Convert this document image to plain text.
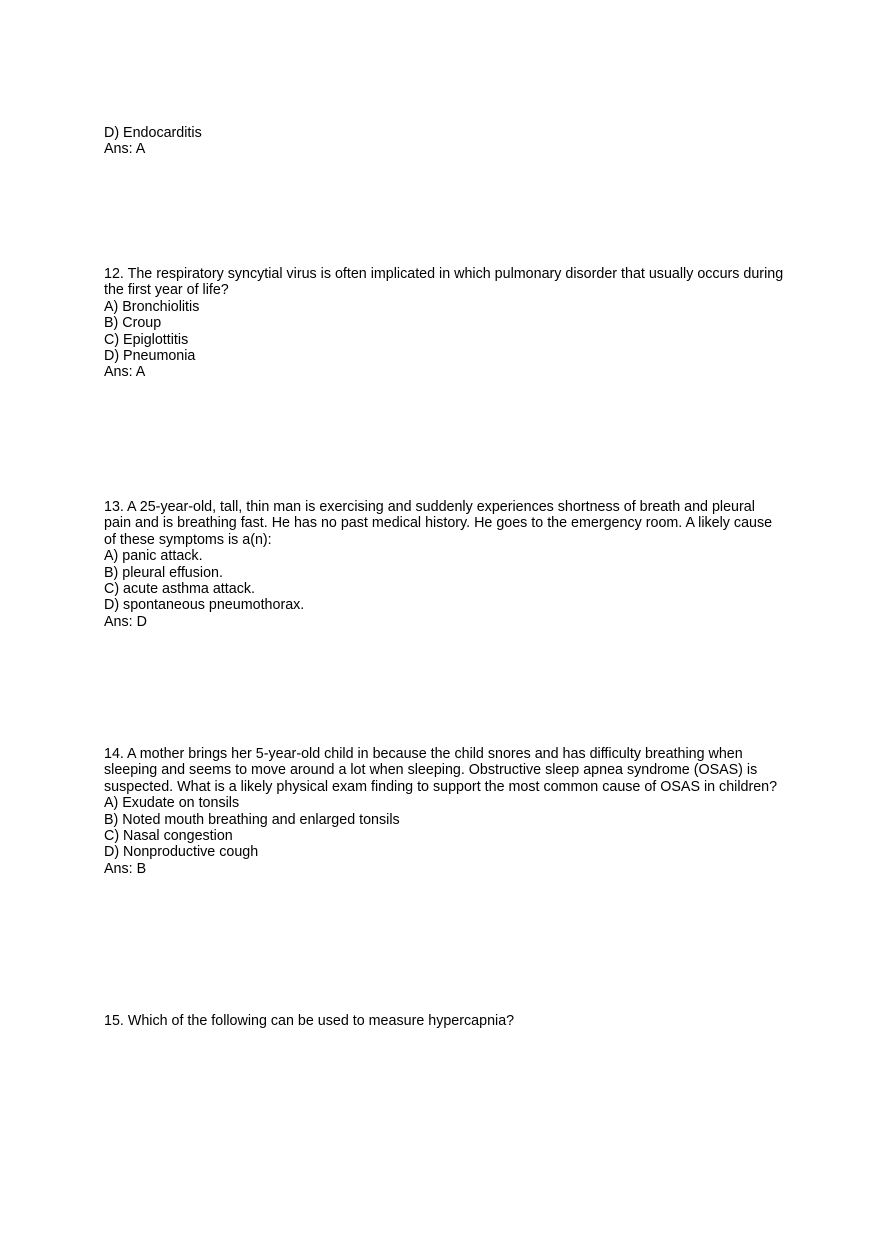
D) Endocarditis
Ans: A
12. The respiratory syncytial virus is often implicated in which pulmonary disorder that usually occurs during the first year of life?
A) Bronchiolitis
B) Croup
C) Epiglottitis
D) Pneumonia
Ans: A
13. A 25-year-old, tall, thin man is exercising and suddenly experiences shortness of breath and pleural pain and is breathing fast. He has no past medical history. He goes to the emergency room. A likely cause of these symptoms is a(n):
A) panic attack.
B) pleural effusion.
C) acute asthma attack.
D) spontaneous pneumothorax.
Ans: D
14. A mother brings her 5-year-old child in because the child snores and has difficulty breathing when sleeping and seems to move around a lot when sleeping. Obstructive sleep apnea syndrome (OSAS) is suspected. What is a likely physical exam finding to support the most common cause of OSAS in children?
A) Exudate on tonsils
B) Noted mouth breathing and enlarged tonsils
C) Nasal congestion
D) Nonproductive cough
Ans: B
15. Which of the following can be used to measure hypercapnia?
